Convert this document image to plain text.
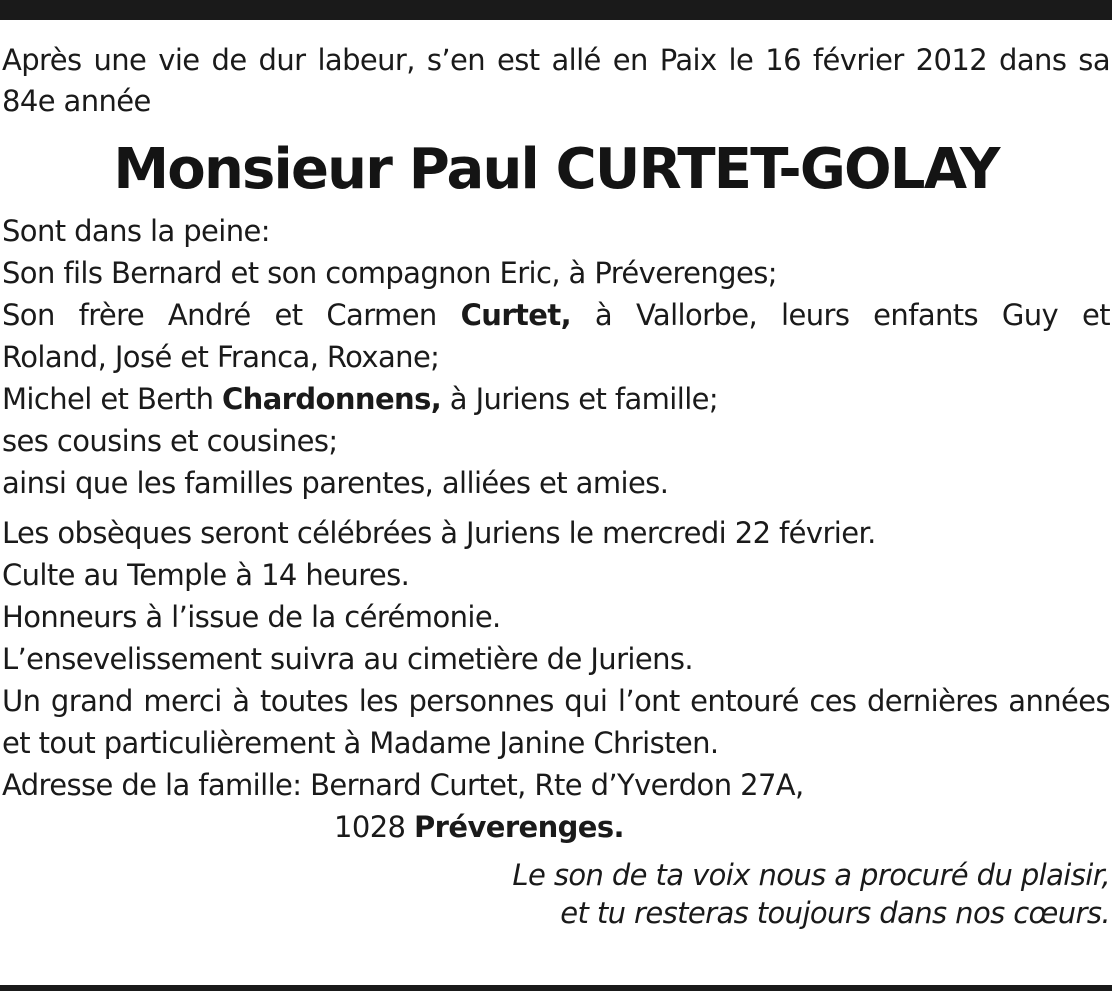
Après une vie de dur labeur, s’en est allé en Paix le 16 février 2012 dans sa 84e année

Monsieur Paul CURTET-GOLAY

Sont dans la peine:

Son fils Bernard et son compagnon Eric, à Préverenges;

Son frère André et Carmen Curtet, à Vallorbe, leurs enfants Guy et

Roland, José et Franca, Roxane;

Michel et Berth Chardonnens, à Juriens et famille;

ses cousins et cousines;

ainsi que les familles parentes, alliées et amies.

Les obsèques seront célébrées à Juriens le mercredi 22 février.

Culte au Temple à 14 heures.

Honneurs à l’issue de la cérémonie.

L’ensevelissement suivra au cimetière de Juriens.

Un grand merci à toutes les personnes qui l’ont entouré ces dernières années et tout particulièrement à Madame Janine Christen.

Adresse de la famille: Bernard Curtet, Rte d’Yverdon 27A,

1028 Préverenges.

Le son de ta voix nous a procuré du plaisir,

et tu resteras toujours dans nos cœurs.
